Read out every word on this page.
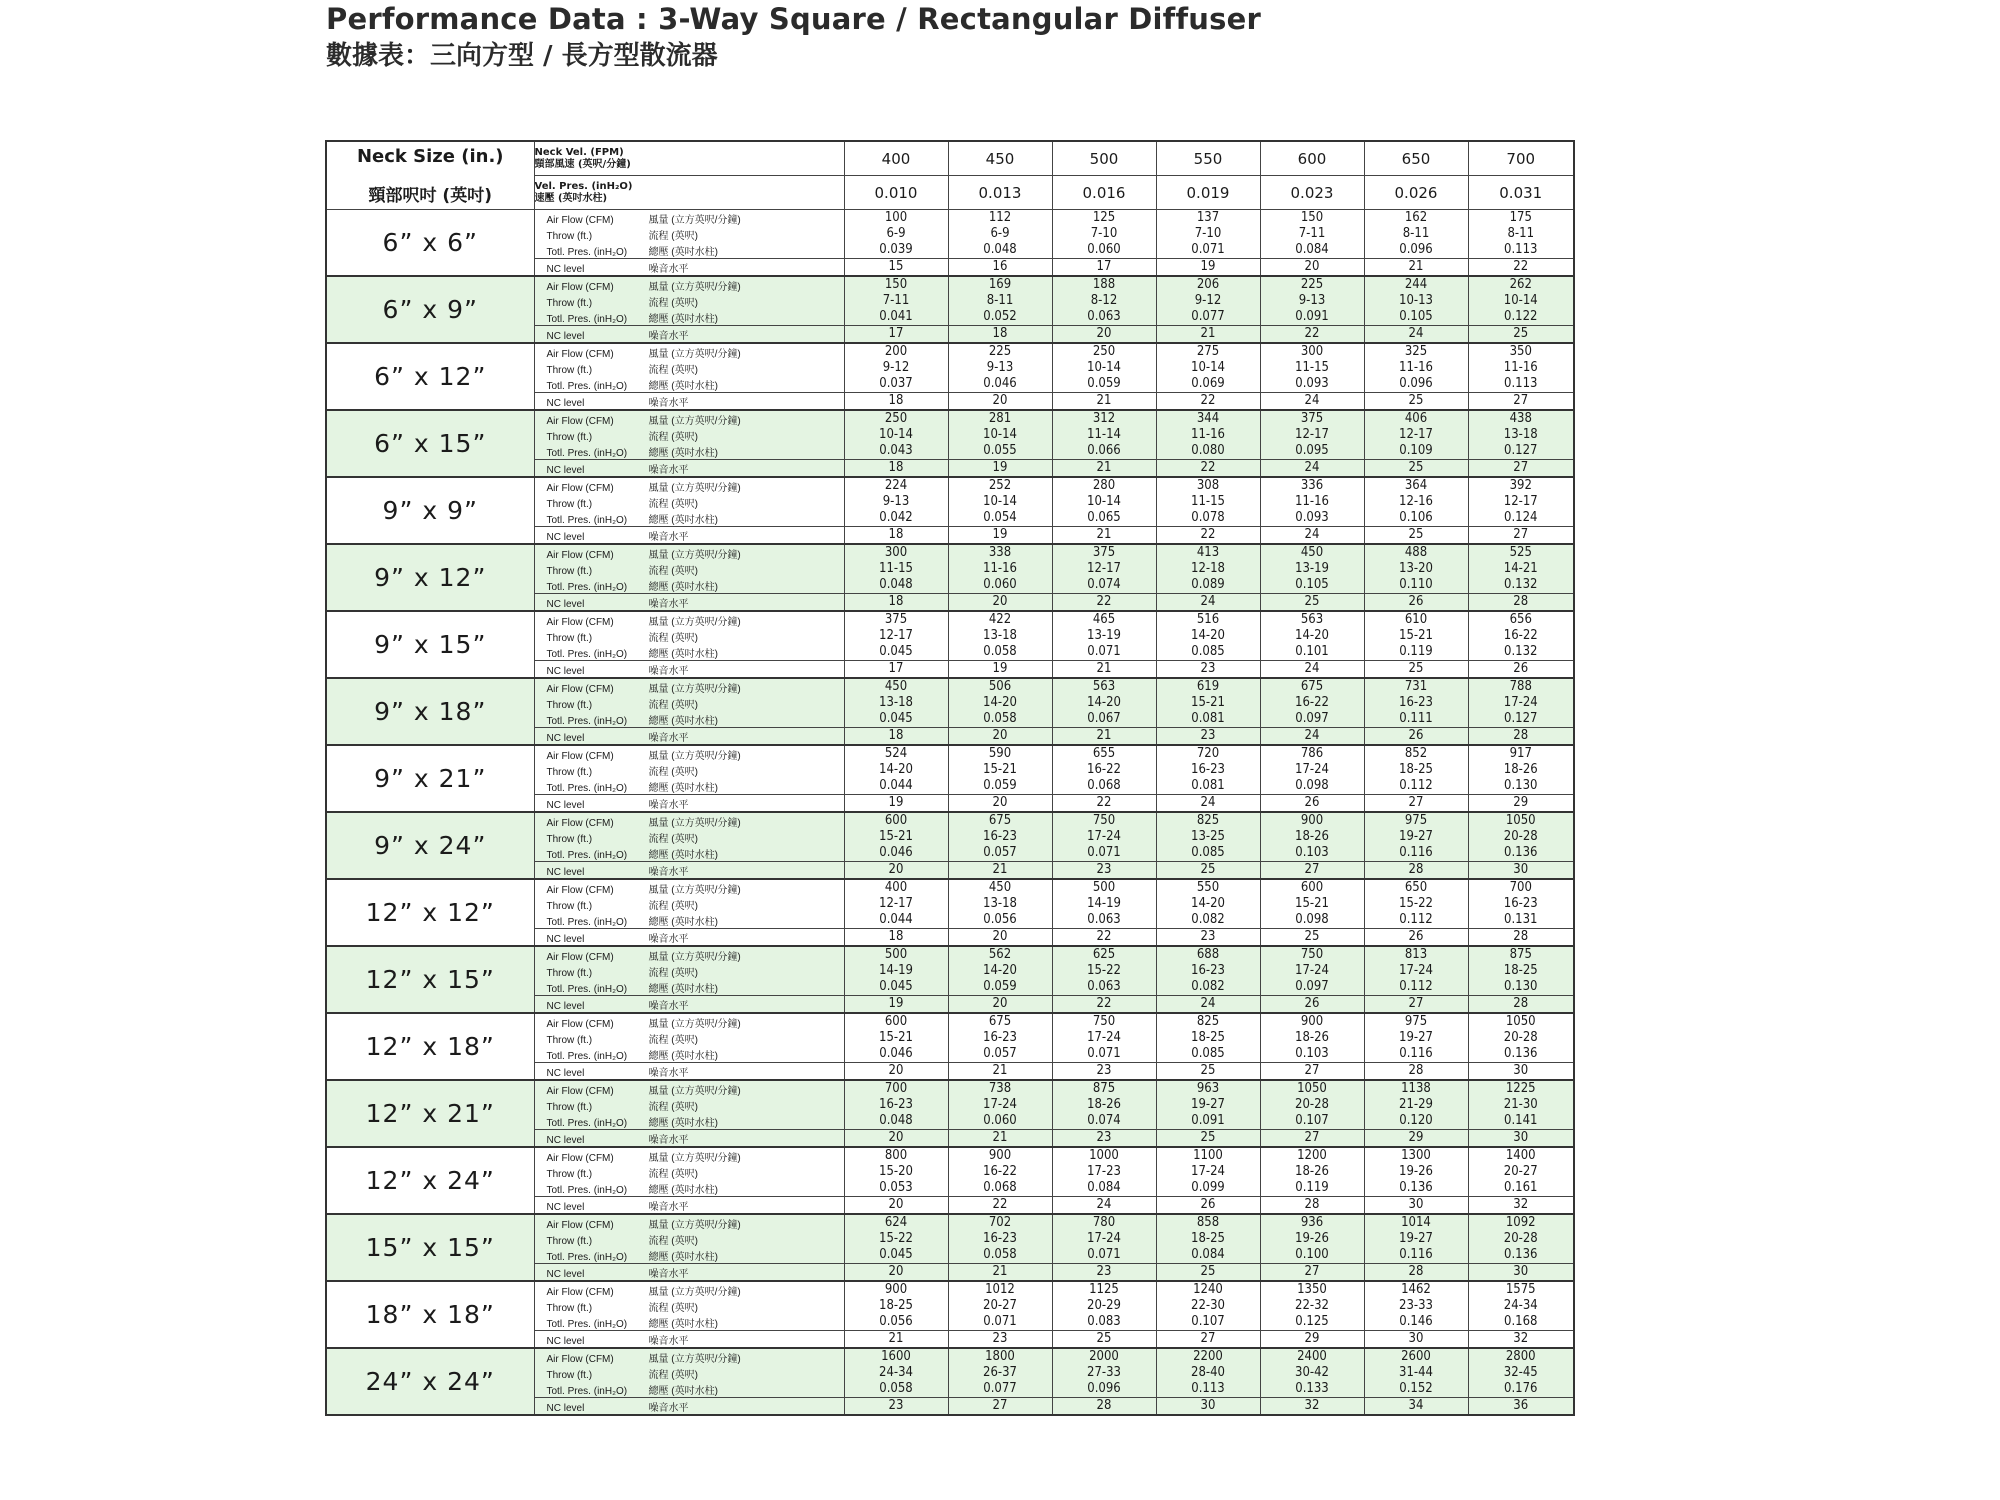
Performance Data : 3-Way Square / Rectangular Diffuser
數據表：三向方型 / 長方型散流器
Neck Size (in.)
頸部呎吋 (英吋)	Neck Vel. (FPM)
頸部風速 (英呎/分鐘)	400	450	500	550	600	650	700

	Vel. Pres. (inH₂O)
速壓 (英吋水柱)	0.010	0.013	0.016	0.019	0.023	0.026	0.031
6” x 6”	Air Flow (CFM) 風量 (立方英呎/分鐘)	100	112	125	137	150	162	175
	Throw (ft.) 流程 (英呎)	6-9	6-9	7-10	7-10	7-11	8-11	8-11
	Totl. Pres. (inH₂O) 總壓 (英吋水柱)	0.039	0.048	0.060	0.071	0.084	0.096	0.113
	NC level 噪音水平	15	16	17	19	20	21	22
6” x 9”	Air Flow (CFM) 風量 (立方英呎/分鐘)	150	169	188	206	225	244	262
	Throw (ft.) 流程 (英呎)	7-11	8-11	8-12	9-12	9-13	10-13	10-14
	Totl. Pres. (inH₂O) 總壓 (英吋水柱)	0.041	0.052	0.063	0.077	0.091	0.105	0.122
	NC level 噪音水平	17	18	20	21	22	24	25
6” x 12”	Air Flow (CFM) 風量 (立方英呎/分鐘)	200	225	250	275	300	325	350
	Throw (ft.) 流程 (英呎)	9-12	9-13	10-14	10-14	11-15	11-16	11-16
	Totl. Pres. (inH₂O) 總壓 (英吋水柱)	0.037	0.046	0.059	0.069	0.093	0.096	0.113
	NC level 噪音水平	18	20	21	22	24	25	27
6” x 15”	Air Flow (CFM) 風量 (立方英呎/分鐘)	250	281	312	344	375	406	438
	Throw (ft.) 流程 (英呎)	10-14	10-14	11-14	11-16	12-17	12-17	13-18
	Totl. Pres. (inH₂O) 總壓 (英吋水柱)	0.043	0.055	0.066	0.080	0.095	0.109	0.127
	NC level 噪音水平	18	19	21	22	24	25	27
9” x 9”	Air Flow (CFM) 風量 (立方英呎/分鐘)	224	252	280	308	336	364	392
	Throw (ft.) 流程 (英呎)	9-13	10-14	10-14	11-15	11-16	12-16	12-17
	Totl. Pres. (inH₂O) 總壓 (英吋水柱)	0.042	0.054	0.065	0.078	0.093	0.106	0.124
	NC level 噪音水平	18	19	21	22	24	25	27
9” x 12”	Air Flow (CFM) 風量 (立方英呎/分鐘)	300	338	375	413	450	488	525
	Throw (ft.) 流程 (英呎)	11-15	11-16	12-17	12-18	13-19	13-20	14-21
	Totl. Pres. (inH₂O) 總壓 (英吋水柱)	0.048	0.060	0.074	0.089	0.105	0.110	0.132
	NC level 噪音水平	18	20	22	24	25	26	28
9” x 15”	Air Flow (CFM) 風量 (立方英呎/分鐘)	375	422	465	516	563	610	656
	Throw (ft.) 流程 (英呎)	12-17	13-18	13-19	14-20	14-20	15-21	16-22
	Totl. Pres. (inH₂O) 總壓 (英吋水柱)	0.045	0.058	0.071	0.085	0.101	0.119	0.132
	NC level 噪音水平	17	19	21	23	24	25	26
9” x 18”	Air Flow (CFM) 風量 (立方英呎/分鐘)	450	506	563	619	675	731	788
	Throw (ft.) 流程 (英呎)	13-18	14-20	14-20	15-21	16-22	16-23	17-24
	Totl. Pres. (inH₂O) 總壓 (英吋水柱)	0.045	0.058	0.067	0.081	0.097	0.111	0.127
	NC level 噪音水平	18	20	21	23	24	26	28
9” x 21”	Air Flow (CFM) 風量 (立方英呎/分鐘)	524	590	655	720	786	852	917
	Throw (ft.) 流程 (英呎)	14-20	15-21	16-22	16-23	17-24	18-25	18-26
	Totl. Pres. (inH₂O) 總壓 (英吋水柱)	0.044	0.059	0.068	0.081	0.098	0.112	0.130
	NC level 噪音水平	19	20	22	24	26	27	29
9” x 24”	Air Flow (CFM) 風量 (立方英呎/分鐘)	600	675	750	825	900	975	1050
	Throw (ft.) 流程 (英呎)	15-21	16-23	17-24	13-25	18-26	19-27	20-28
	Totl. Pres. (inH₂O) 總壓 (英吋水柱)	0.046	0.057	0.071	0.085	0.103	0.116	0.136
	NC level 噪音水平	20	21	23	25	27	28	30
12” x 12”	Air Flow (CFM) 風量 (立方英呎/分鐘)	400	450	500	550	600	650	700
	Throw (ft.) 流程 (英呎)	12-17	13-18	14-19	14-20	15-21	15-22	16-23
	Totl. Pres. (inH₂O) 總壓 (英吋水柱)	0.044	0.056	0.063	0.082	0.098	0.112	0.131
	NC level 噪音水平	18	20	22	23	25	26	28
12” x 15”	Air Flow (CFM) 風量 (立方英呎/分鐘)	500	562	625	688	750	813	875
	Throw (ft.) 流程 (英呎)	14-19	14-20	15-22	16-23	17-24	17-24	18-25
	Totl. Pres. (inH₂O) 總壓 (英吋水柱)	0.045	0.059	0.063	0.082	0.097	0.112	0.130
	NC level 噪音水平	19	20	22	24	26	27	28
12” x 18”	Air Flow (CFM) 風量 (立方英呎/分鐘)	600	675	750	825	900	975	1050
	Throw (ft.) 流程 (英呎)	15-21	16-23	17-24	18-25	18-26	19-27	20-28
	Totl. Pres. (inH₂O) 總壓 (英吋水柱)	0.046	0.057	0.071	0.085	0.103	0.116	0.136
	NC level 噪音水平	20	21	23	25	27	28	30
12” x 21”	Air Flow (CFM) 風量 (立方英呎/分鐘)	700	738	875	963	1050	1138	1225
	Throw (ft.) 流程 (英呎)	16-23	17-24	18-26	19-27	20-28	21-29	21-30
	Totl. Pres. (inH₂O) 總壓 (英吋水柱)	0.048	0.060	0.074	0.091	0.107	0.120	0.141
	NC level 噪音水平	20	21	23	25	27	29	30
12” x 24”	Air Flow (CFM) 風量 (立方英呎/分鐘)	800	900	1000	1100	1200	1300	1400
	Throw (ft.) 流程 (英呎)	15-20	16-22	17-23	17-24	18-26	19-26	20-27
	Totl. Pres. (inH₂O) 總壓 (英吋水柱)	0.053	0.068	0.084	0.099	0.119	0.136	0.161
	NC level 噪音水平	20	22	24	26	28	30	32
15” x 15”	Air Flow (CFM) 風量 (立方英呎/分鐘)	624	702	780	858	936	1014	1092
	Throw (ft.) 流程 (英呎)	15-22	16-23	17-24	18-25	19-26	19-27	20-28
	Totl. Pres. (inH₂O) 總壓 (英吋水柱)	0.045	0.058	0.071	0.084	0.100	0.116	0.136
	NC level 噪音水平	20	21	23	25	27	28	30
18” x 18”	Air Flow (CFM) 風量 (立方英呎/分鐘)	900	1012	1125	1240	1350	1462	1575
	Throw (ft.) 流程 (英呎)	18-25	20-27	20-29	22-30	22-32	23-33	24-34
	Totl. Pres. (inH₂O) 總壓 (英吋水柱)	0.056	0.071	0.083	0.107	0.125	0.146	0.168
	NC level 噪音水平	21	23	25	27	29	30	32
24” x 24”	Air Flow (CFM) 風量 (立方英呎/分鐘)	1600	1800	2000	2200	2400	2600	2800
	Throw (ft.) 流程 (英呎)	24-34	26-37	27-33	28-40	30-42	31-44	32-45
	Totl. Pres. (inH₂O) 總壓 (英吋水柱)	0.058	0.077	0.096	0.113	0.133	0.152	0.176
	NC level 噪音水平	23	27	28	30	32	34	36
